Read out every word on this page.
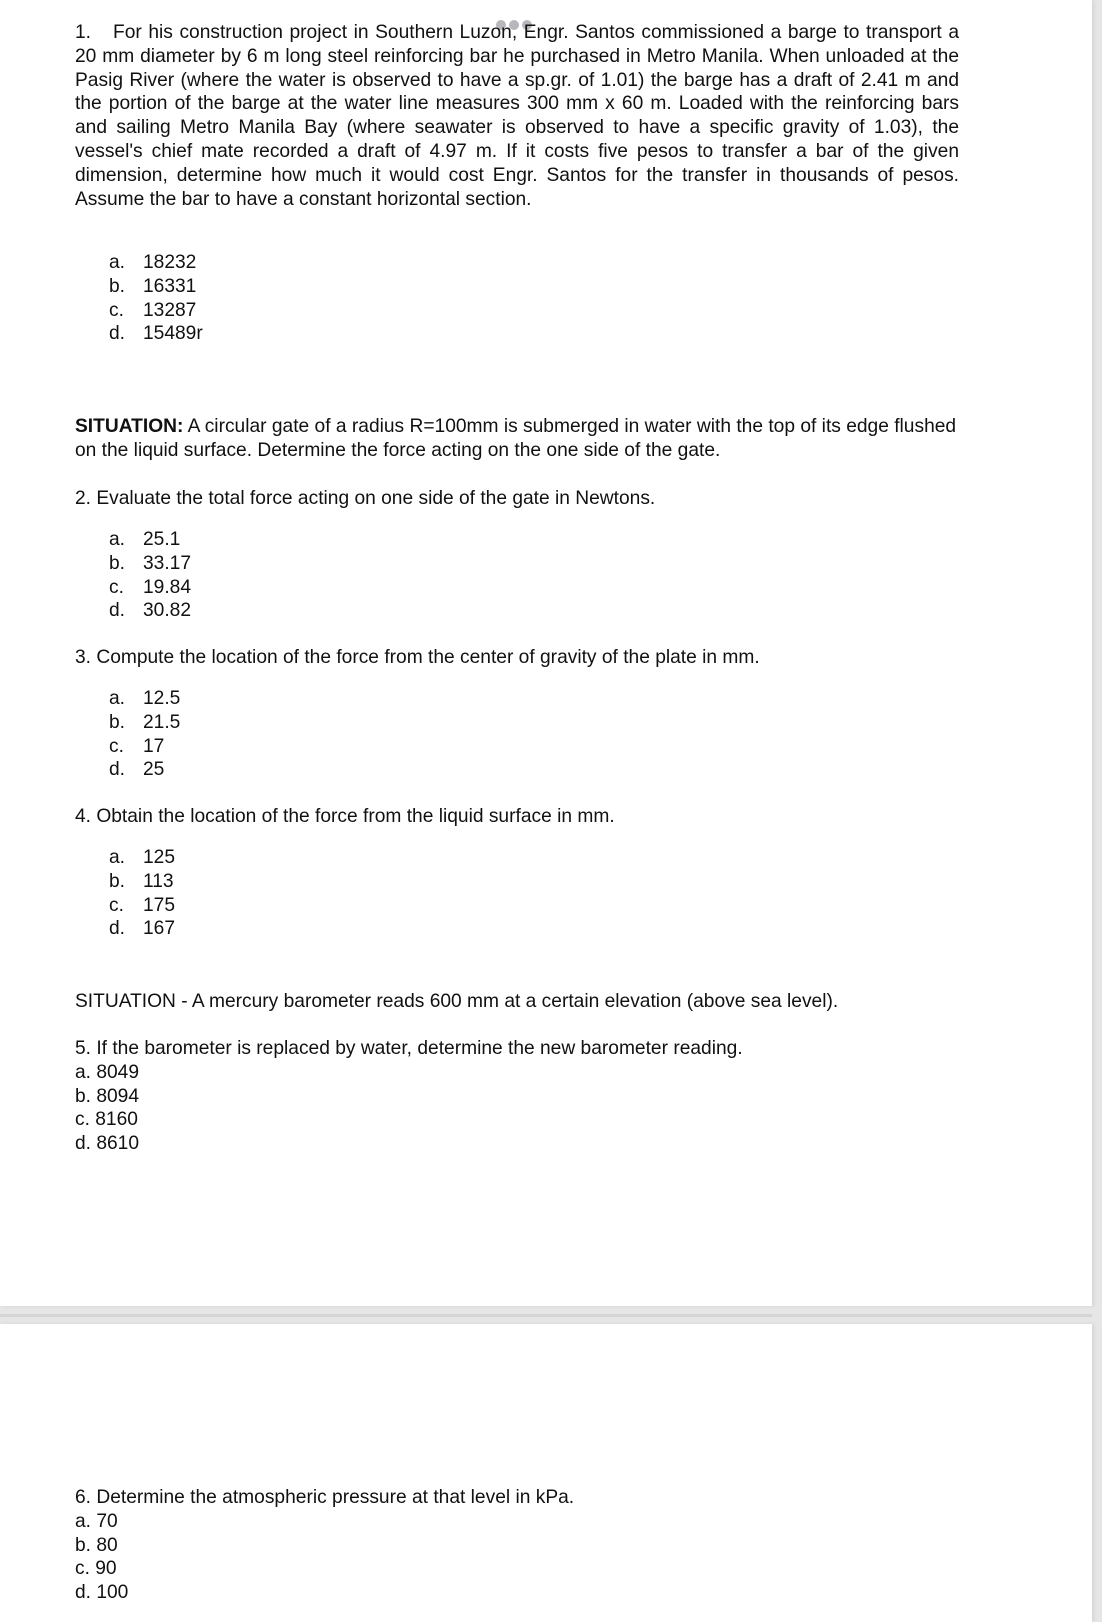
1. For his construction project in Southern Luzon, Engr. Santos commissioned a barge to transport a 20 mm diameter by 6 m long steel reinforcing bar he purchased in Metro Manila. When unloaded at the Pasig River (where the water is observed to have a sp.gr. of 1.01) the barge has a draft of 2.41 m and the portion of the barge at the water line measures 300 mm x 60 m. Loaded with the reinforcing bars and sailing Metro Manila Bay (where seawater is observed to have a specific gravity of 1.03), the vessel's chief mate recorded a draft of 4.97 m. If it costs five pesos to transfer a bar of the given dimension, determine how much it would cost Engr. Santos for the transfer in thousands of pesos. Assume the bar to have a constant horizontal section.

a. 18232
b. 16331
c. 13287
d. 15489r

SITUATION: A circular gate of a radius R=100mm is submerged in water with the top of its edge flushed on the liquid surface. Determine the force acting on the one side of the gate.

2. Evaluate the total force acting on one side of the gate in Newtons.

a. 25.1
b. 33.17
c. 19.84
d. 30.82

3. Compute the location of the force from the center of gravity of the plate in mm.

a. 12.5
b. 21.5
c. 17
d. 25

4. Obtain the location of the force from the liquid surface in mm.

a. 125
b. 113
c. 175
d. 167

SITUATION - A mercury barometer reads 600 mm at a certain elevation (above sea level).

5. If the barometer is replaced by water, determine the new barometer reading.

a. 8049
b. 8094
c. 8160
d. 8610

6. Determine the atmospheric pressure at that level in kPa.

a. 70
b. 80
c. 90
d. 100
